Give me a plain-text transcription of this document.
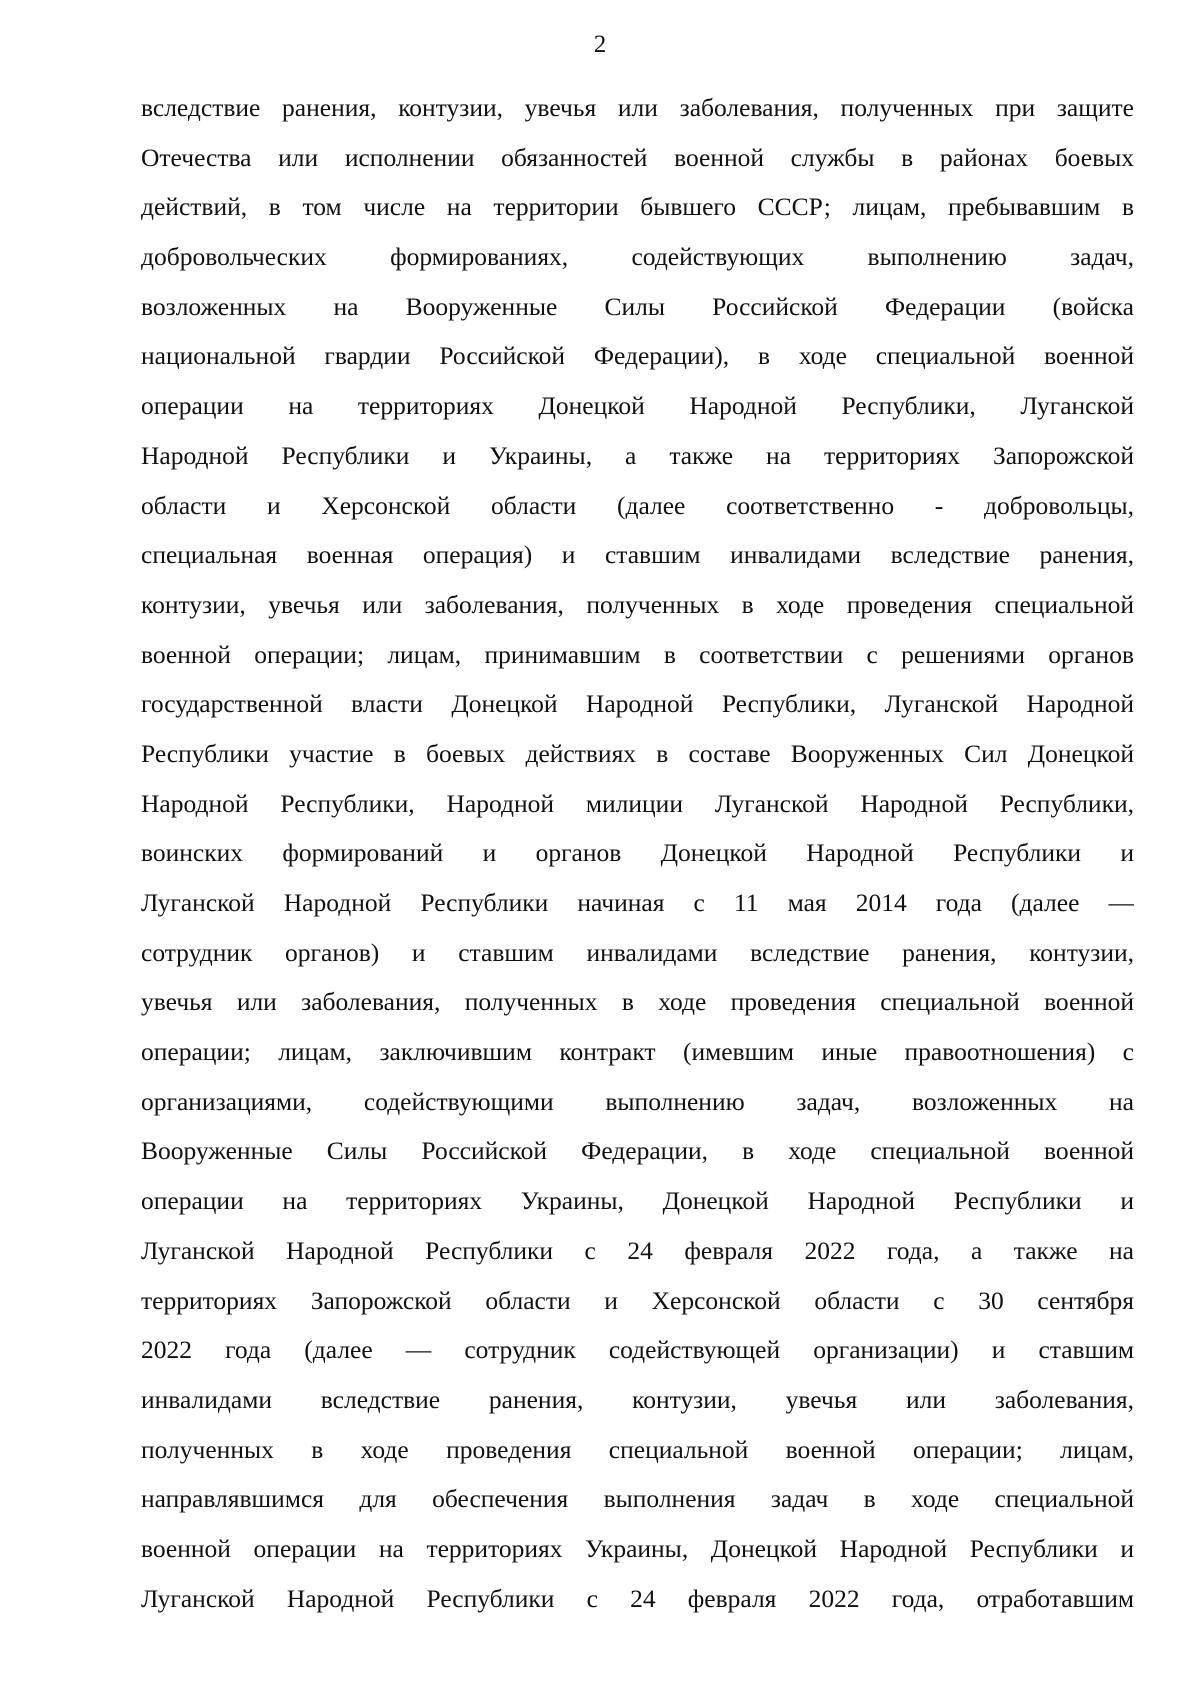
2
вследствие ранения, контузии, увечья или заболевания, полученных при защите
Отечества или исполнении обязанностей военной службы в районах боевых
действий, в том числе на территории бывшего СССР; лицам, пребывавшим в
добровольческих формированиях, содействующих выполнению задач,
возложенных на Вооруженные Силы Российской Федерации (войска
национальной гвардии Российской Федерации), в ходе специальной военной
операции на территориях Донецкой Народной Республики, Луганской
Народной Республики и Украины, а также на территориях Запорожской
области и Херсонской области (далее соответственно - добровольцы,
специальная военная операция) и ставшим инвалидами вследствие ранения,
контузии, увечья или заболевания, полученных в ходе проведения специальной
военной операции; лицам, принимавшим в соответствии с решениями органов
государственной власти Донецкой Народной Республики, Луганской Народной
Республики участие в боевых действиях в составе Вооруженных Сил Донецкой
Народной Республики, Народной милиции Луганской Народной Республики,
воинских формирований и органов Донецкой Народной Республики и
Луганской Народной Республики начиная с 11 мая 2014 года (далее —
сотрудник органов) и ставшим инвалидами вследствие ранения, контузии,
увечья или заболевания, полученных в ходе проведения специальной военной
операции; лицам, заключившим контракт (имевшим иные правоотношения) с
организациями, содействующими выполнению задач, возложенных на
Вооруженные Силы Российской Федерации, в ходе специальной военной
операции на территориях Украины, Донецкой Народной Республики и
Луганской Народной Республики с 24 февраля 2022 года, а также на
территориях Запорожской области и Херсонской области с 30 сентября
2022 года (далее — сотрудник содействующей организации) и ставшим
инвалидами вследствие ранения, контузии, увечья или заболевания,
полученных в ходе проведения специальной военной операции; лицам,
направлявшимся для обеспечения выполнения задач в ходе специальной
военной операции на территориях Украины, Донецкой Народной Республики и
Луганской Народной Республики с 24 февраля 2022 года, отработавшим
